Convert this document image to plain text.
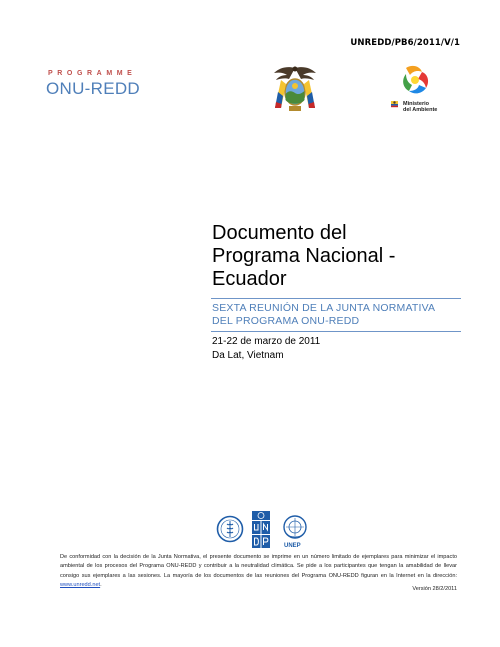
UNREDD/PB6/2011/V/1
PROGRAMME
ONU-REDD
Ministerio
del Ambiente
Documento del
Programa Nacional -
Ecuador
SEXTA REUNIÓN DE LA JUNTA NORMATIVA
DEL PROGRAMA ONU-REDD
21-22 de marzo de 2011
Da Lat, Vietnam
UNEP
De conformidad con la decisión de la Junta Normativa, el presente documento se imprime en un número limitado de ejemplares para minimizar el impacto ambiental de los procesos del Programa ONU-REDD y contribuir a la neutralidad climática. Se pide a los participantes que tengan la amabilidad de llevar consigo sus ejemplares a las sesiones. La mayoría de los documentos de las reuniones del Programa ONU-REDD figuran en la Internet en la dirección: www.unredd.net.
Versión 28/2/2011
